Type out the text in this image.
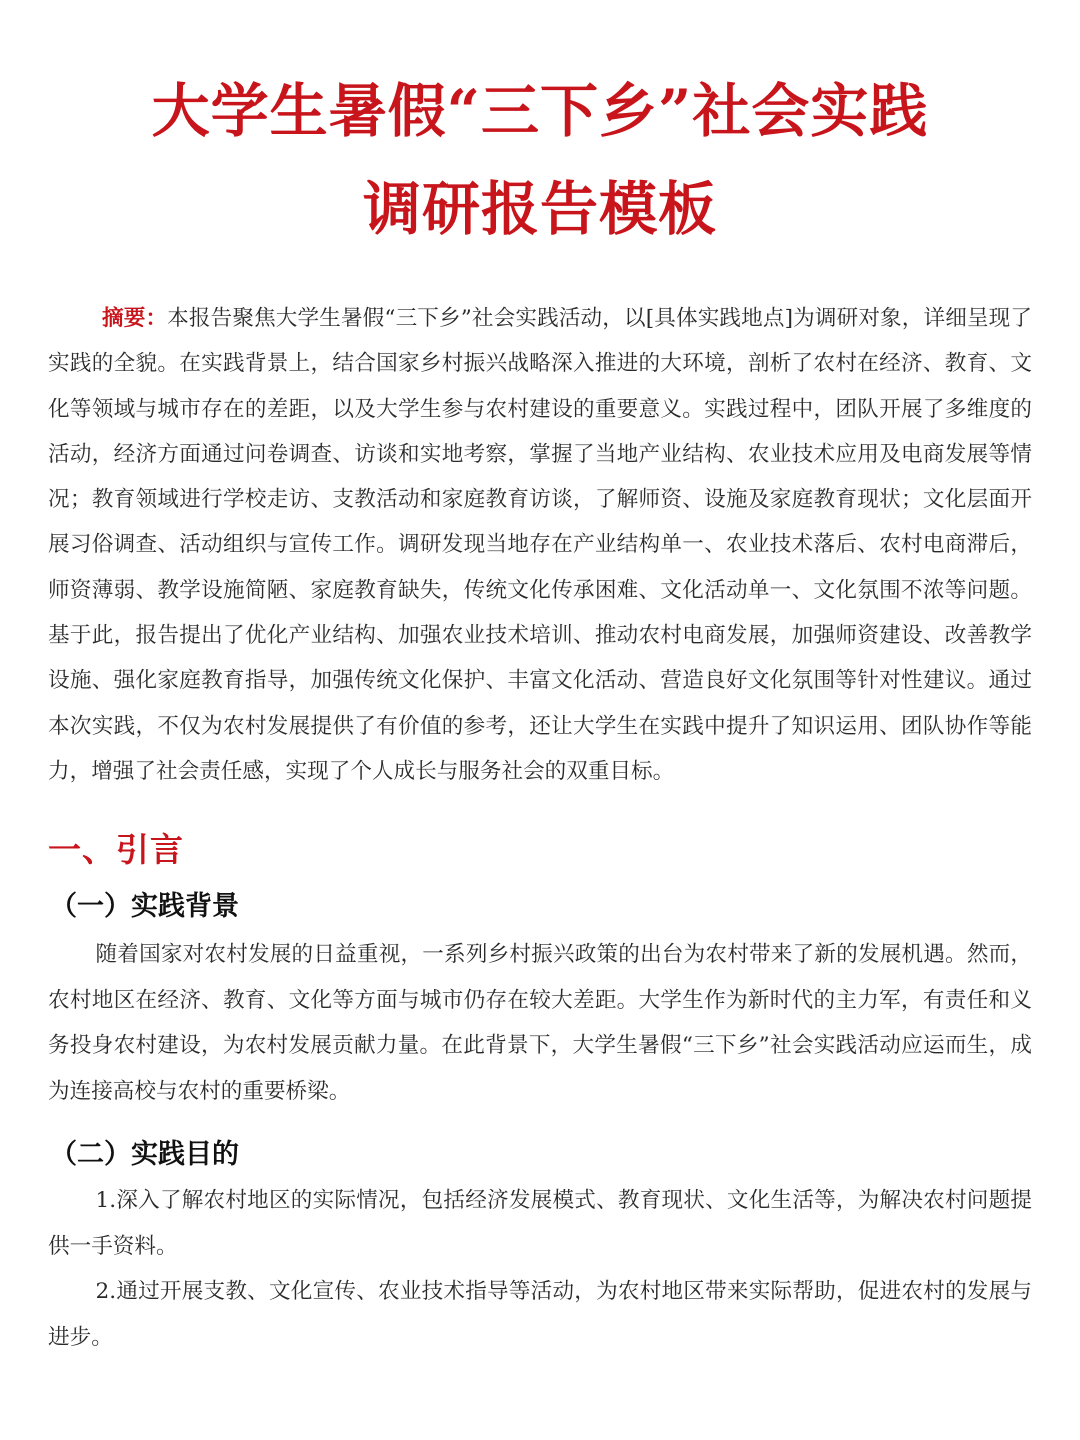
大学生暑假“三下乡”社会实践
调研报告模板
摘要：本报告聚焦大学生暑假“三下乡”社会实践活动，以[具体实践地点]为调研对象，详细呈现了实践的全貌。在实践背景上，结合国家乡村振兴战略深入推进的大环境，剖析了农村在经济、教育、文化等领域与城市存在的差距，以及大学生参与农村建设的重要意义。实践过程中，团队开展了多维度的活动，经济方面通过问卷调查、访谈和实地考察，掌握了当地产业结构、农业技术应用及电商发展等情况；教育领域进行学校走访、支教活动和家庭教育访谈，了解师资、设施及家庭教育现状；文化层面开展习俗调查、活动组织与宣传工作。调研发现当地存在产业结构单一、农业技术落后、农村电商滞后，师资薄弱、教学设施简陋、家庭教育缺失，传统文化传承困难、文化活动单一、文化氛围不浓等问题。基于此，报告提出了优化产业结构、加强农业技术培训、推动农村电商发展，加强师资建设、改善教学设施、强化家庭教育指导，加强传统文化保护、丰富文化活动、营造良好文化氛围等针对性建议。通过本次实践，不仅为农村发展提供了有价值的参考，还让大学生在实践中提升了知识运用、团队协作等能力，增强了社会责任感，实现了个人成长与服务社会的双重目标。
一、引言
（一）实践背景
随着国家对农村发展的日益重视，一系列乡村振兴政策的出台为农村带来了新的发展机遇。然而，农村地区在经济、教育、文化等方面与城市仍存在较大差距。大学生作为新时代的主力军，有责任和义务投身农村建设，为农村发展贡献力量。在此背景下，大学生暑假“三下乡”社会实践活动应运而生，成为连接高校与农村的重要桥梁。
（二）实践目的
1.深入了解农村地区的实际情况，包括经济发展模式、教育现状、文化生活等，为解决农村问题提供一手资料。
2.通过开展支教、文化宣传、农业技术指导等活动，为农村地区带来实际帮助，促进农村的发展与进步。
